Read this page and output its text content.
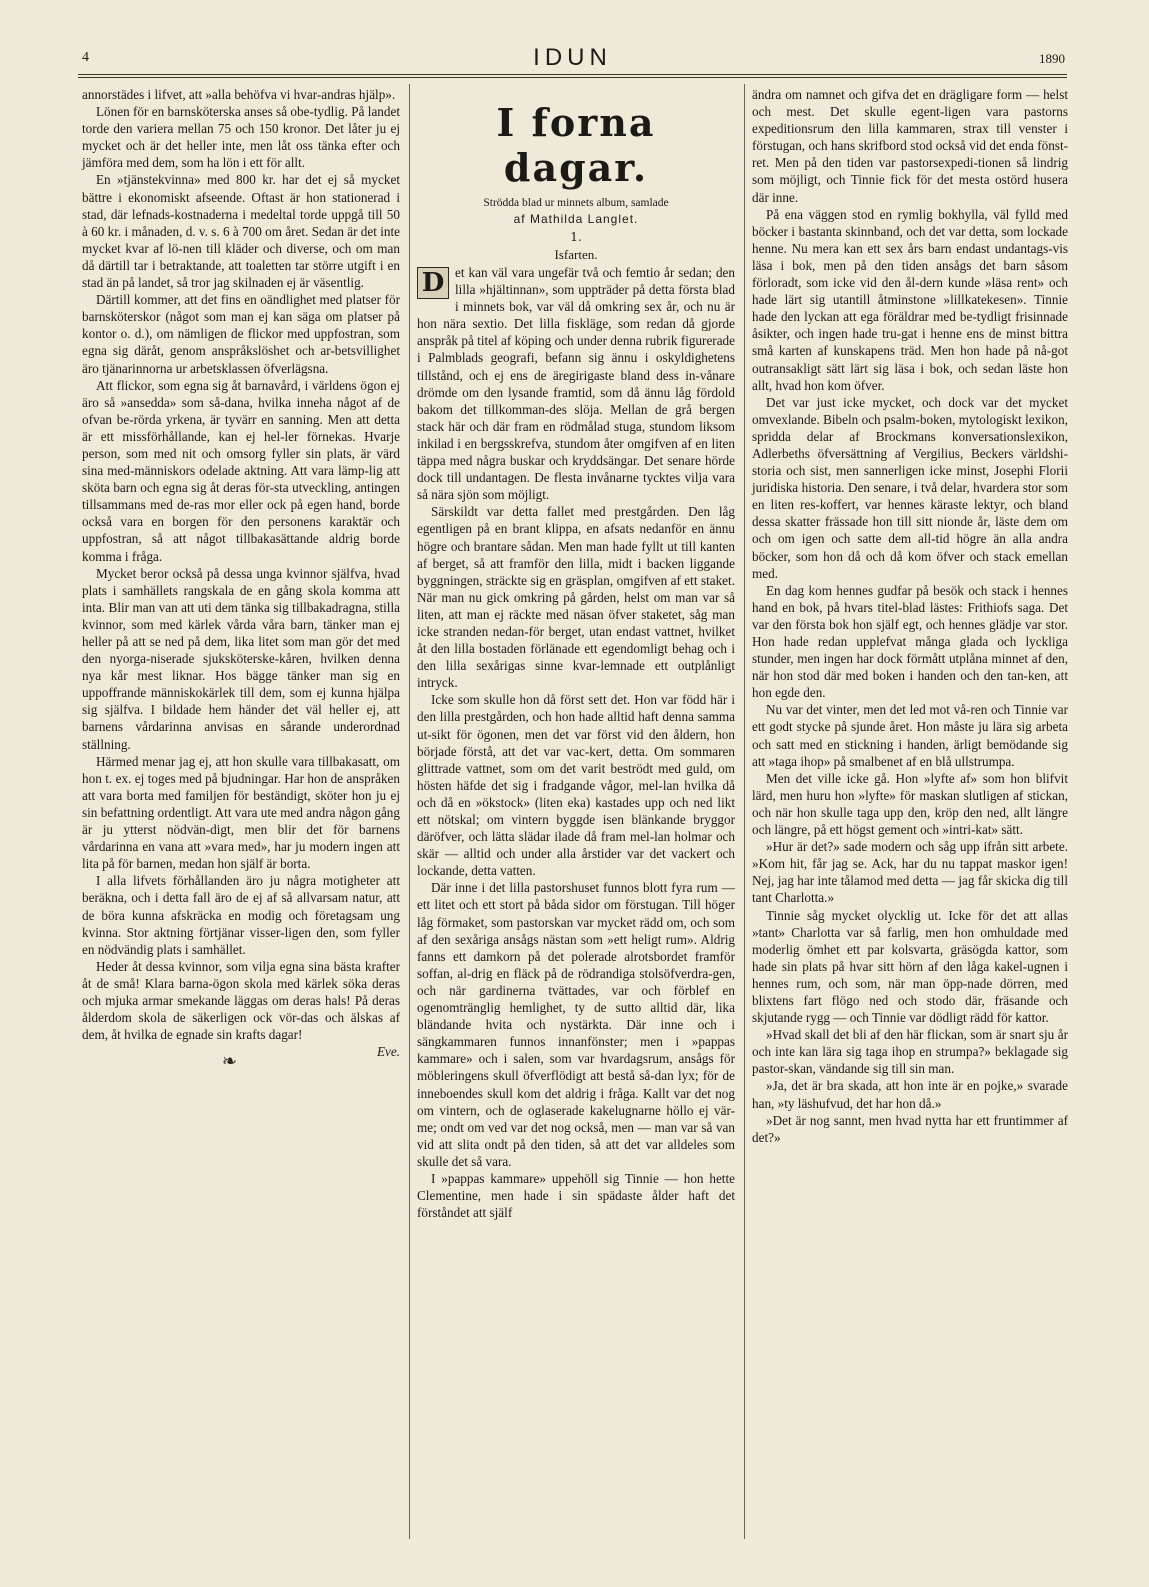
4	IDUN	1890

annorstädes i lifvet, att »alla behöfva vi hvar-andras hjälp».

Lönen för en barnsköterska anses så obe-tydlig. På landet torde den variera mellan 75 och 150 kronor. Det låter ju ej mycket och är det heller inte, men låt oss tänka efter och jämföra med dem, som ha lön i ett för allt.

En »tjänstekvinna» med 800 kr. har det ej så mycket bättre i ekonomiskt afseende. Oftast är hon stationerad i stad, där lefnads-kostnaderna i medeltal torde uppgå till 50 à 60 kr. i månaden, d. v. s. 6 à 700 om året. Sedan är det inte mycket kvar af lö-nen till kläder och diverse, och om man då därtill tar i betraktande, att toaletten tar större utgift i en stad än på landet, så tror jag skilnaden ej är väsentlig.

Därtill kommer, att det fins en oändlighet med platser för barnsköterskor (något som man ej kan säga om platser på kontor o. d.), om nämligen de flickor med uppfostran, som egna sig däråt, genom anspråkslöshet och ar-betsvillighet äro tjänarinnorna ur arbetsklassen öfverlägsna.

Att flickor, som egna sig åt barnavård, i världens ögon ej äro så »ansedda» som så-dana, hvilka inneha något af de ofvan be-rörda yrkena, är tyvärr en sanning. Men att detta är ett missförhållande, kan ej hel-ler förnekas. Hvarje person, som med nit och omsorg fyller sin plats, är värd sina med-människors odelade aktning. Att vara lämp-lig att sköta barn och egna sig åt deras för-sta utveckling, antingen tillsammans med de-ras mor eller ock på egen hand, borde också vara en borgen för den personens karaktär och uppfostran, så att något tillbakasättande aldrig borde komma i fråga.

Mycket beror också på dessa unga kvinnor själfva, hvad plats i samhällets rangskala de en gång skola komma att inta. Blir man van att uti dem tänka sig tillbakadragna, stilla kvinnor, som med kärlek vårda våra barn, tänker man ej heller på att se ned på dem, lika litet som man gör det med den nyorga-niserade sjuksköterske-kåren, hvilken denna nya kår mest liknar. Hos bägge tänker man sig en uppoffrande människokärlek till dem, som ej kunna hjälpa sig själfva. I bildade hem händer det väl heller ej, att barnens vårdarinna anvisas en sårande underordnad ställning.

Härmed menar jag ej, att hon skulle vara tillbakasatt, om hon t. ex. ej toges med på bjudningar. Har hon de anspråken att vara borta med familjen för beständigt, sköter hon ju ej sin befattning ordentligt. Att vara ute med andra någon gång är ju ytterst nödvän-digt, men blir det för barnens vårdarinna en vana att »vara med», har ju modern ingen att lita på för barnen, medan hon själf är borta.

I alla lifvets förhållanden äro ju några motigheter att beräkna, och i detta fall äro de ej af så allvarsam natur, att de böra kunna afskräcka en modig och företagsam ung kvinna. Stor aktning förtjänar visser-ligen den, som fyller en nödvändig plats i samhället.

Heder åt dessa kvinnor, som vilja egna sina bästa krafter åt de små! Klara barna-ögon skola med kärlek söka deras och mjuka armar smekande läggas om deras hals! På deras ålderdom skola de säkerligen ock vör-das och älskas af dem, åt hvilka de egnade sin krafts dagar!

Eve.

❧
I forna dagar.
Strödda blad ur minnets album, samlade
af Mathilda Langlet.
1.
Isfarten.
D et kan väl vara ungefär två och femtio år sedan; den lilla »hjältinnan», som uppträder på detta första blad i minnets bok, var väl då omkring sex år, och nu är hon nära sextio. Det lilla fiskläge, som redan då gjorde anspråk på titel af köping och under denna rubrik figurerade i Palmblads geografi, befann sig ännu i oskyldighetens tillstånd, och ej ens de äregirigaste bland dess in-vånare drömde om den lysande framtid, som då ännu låg fördold bakom det tillkomman-des slöja. Mellan de grå bergen stack här och där fram en rödmålad stuga, stundom liksom inkilad i en bergsskrefva, stundom åter omgifven af en liten täppa med några buskar och kryddsängar. Det senare hörde dock till undantagen. De flesta invånarne tycktes vilja vara så nära sjön som möjligt.

Särskildt var detta fallet med prestgården. Den låg egentligen på en brant klippa, en afsats nedanför en ännu högre och brantare sådan. Men man hade fyllt ut till kanten af berget, så att framför den lilla, midt i backen liggande byggningen, sträckte sig en gräsplan, omgifven af ett staket. När man nu gick omkring på gården, helst om man var så liten, att man ej räckte med näsan öfver staketet, såg man icke stranden nedan-för berget, utan endast vattnet, hvilket åt den lilla bostaden förlänade ett egendomligt behag och i den lilla sexårigas sinne kvar-lemnade ett outplånligt intryck.

Icke som skulle hon då först sett det. Hon var född här i den lilla prestgården, och hon hade alltid haft denna samma ut-sikt för ögonen, men det var först vid den åldern, hon började förstå, att det var vac-kert, detta. Om sommaren glittrade vattnet, som om det varit beströdt med guld, om hösten häfde det sig i fradgande vågor, mel-lan hvilka då och då en »ökstock» (liten eka) kastades upp och ned likt ett nötskal; om vintern byggde isen blänkande bryggor däröfver, och lätta slädar ilade då fram mel-lan holmar och skär — alltid och under alla årstider var det vackert och lockande, detta vatten.

Där inne i det lilla pastorshuset funnos blott fyra rum — ett litet och ett stort på båda sidor om förstugan. Till höger låg förmaket, som pastorskan var mycket rädd om, och som af den sexåriga ansågs nästan som »ett heligt rum». Aldrig fanns ett damkorn på det polerade alrotsbordet framför soffan, al-drig en fläck på de rödrandiga stolsöfverdra-gen, och när gardinerna tvättades, var och förblef en ogenomtränglig hemlighet, ty de sutto alltid där, lika bländande hvita och nystärkta. Där inne och i sängkammaren funnos innanfönster; men i »pappas kammare» och i salen, som var hvardagsrum, ansågs för möbleringens skull öfverflödigt att bestå så-dan lyx; för de inneboendes skull kom det aldrig i fråga. Kallt var det nog om vintern, och de oglaserade kakelugnarne höllo ej vär-me; ondt om ved var det nog också, men — man var så van vid att slita ondt på den tiden, så att det var alldeles som skulle det så vara.

I »pappas kammare» uppehöll sig Tinnie — hon hette Clementine, men hade i sin spädaste ålder haft det förståndet att själf

ändra om namnet och gifva det en drägligare form — helst och mest. Det skulle egent-ligen vara pastorns expeditionsrum den lilla kammaren, strax till venster i förstugan, och hans skrifbord stod också vid det enda fönst-ret. Men på den tiden var pastorsexpedi-tionen så lindrig som möjligt, och Tinnie fick för det mesta ostörd husera där inne.

På ena väggen stod en rymlig bokhylla, väl fylld med böcker i bastanta skinnband, och det var detta, som lockade henne. Nu mera kan ett sex års barn endast undantags-vis läsa i bok, men på den tiden ansågs det barn såsom förloradt, som icke vid den ål-dern kunde »läsa rent» och hade lärt sig utantill åtminstone »lillkatekesen». Tinnie hade den lyckan att ega föräldrar med be-tydligt frisinnade åsikter, och ingen hade tru-gat i henne ens de minst bittra små karten af kunskapens träd. Men hon hade på nå-got outransakligt sätt lärt sig läsa i bok, och sedan läste hon allt, hvad hon kom öfver.

Det var just icke mycket, och dock var det mycket omvexlande. Bibeln och psalm-boken, mytologiskt lexikon, spridda delar af Brockmans konversationslexikon, Adlerbeths öfversättning af Vergilius, Beckers världshi-storia och sist, men sannerligen icke minst, Josephi Florii juridiska historia. Den senare, i två delar, hvardera stor som en liten res-koffert, var hennes käraste lektyr, och bland dessa skatter frässade hon till sitt nionde år, läste dem om och om igen och satte dem all-tid högre än alla andra böcker, som hon då och då kom öfver och stack emellan med.

En dag kom hennes gudfar på besök och stack i hennes hand en bok, på hvars titel-blad lästes: Frithiofs saga. Det var den första bok hon själf egt, och hennes glädje var stor. Hon hade redan upplefvat många glada och lyckliga stunder, men ingen har dock förmått utplåna minnet af den, när hon stod där med boken i handen och den tan-ken, att hon egde den.

Nu var det vinter, men det led mot vå-ren och Tinnie var ett godt stycke på sjunde året. Hon måste ju lära sig arbeta och satt med en stickning i handen, ärligt bemödande sig att »taga ihop» på smalbenet af en blå ullstrumpa.

Men det ville icke gå. Hon »lyfte af» som hon blifvit lärd, men huru hon »lyfte» för maskan slutligen af stickan, och när hon skulle taga upp den, kröp den ned, allt längre och längre, på ett högst gement och »intri-kat» sätt.

»Hur är det?» sade modern och såg upp ifrån sitt arbete. »Kom hit, får jag se. Ack, har du nu tappat maskor igen! Nej, jag har inte tålamod med detta — jag får skicka dig till tant Charlotta.»

Tinnie såg mycket olycklig ut. Icke för det att allas »tant» Charlotta var så farlig, men hon omhuldade med moderlig ömhet ett par kolsvarta, gräsögda kattor, som hade sin plats på hvar sitt hörn af den låga kakel-ugnen i hennes rum, och som, när man öpp-nade dörren, med blixtens fart flögo ned och stodo där, fräsande och skjutande rygg — och Tinnie var dödligt rädd för kattor.

»Hvad skall det bli af den här flickan, som är snart sju år och inte kan lära sig taga ihop en strumpa?» beklagade sig pastor-skan, vändande sig till sin man.

»Ja, det är bra skada, att hon inte är en pojke,» svarade han, »ty läshufvud, det har hon då.»

»Det är nog sannt, men hvad nytta har ett fruntimmer af det?»
